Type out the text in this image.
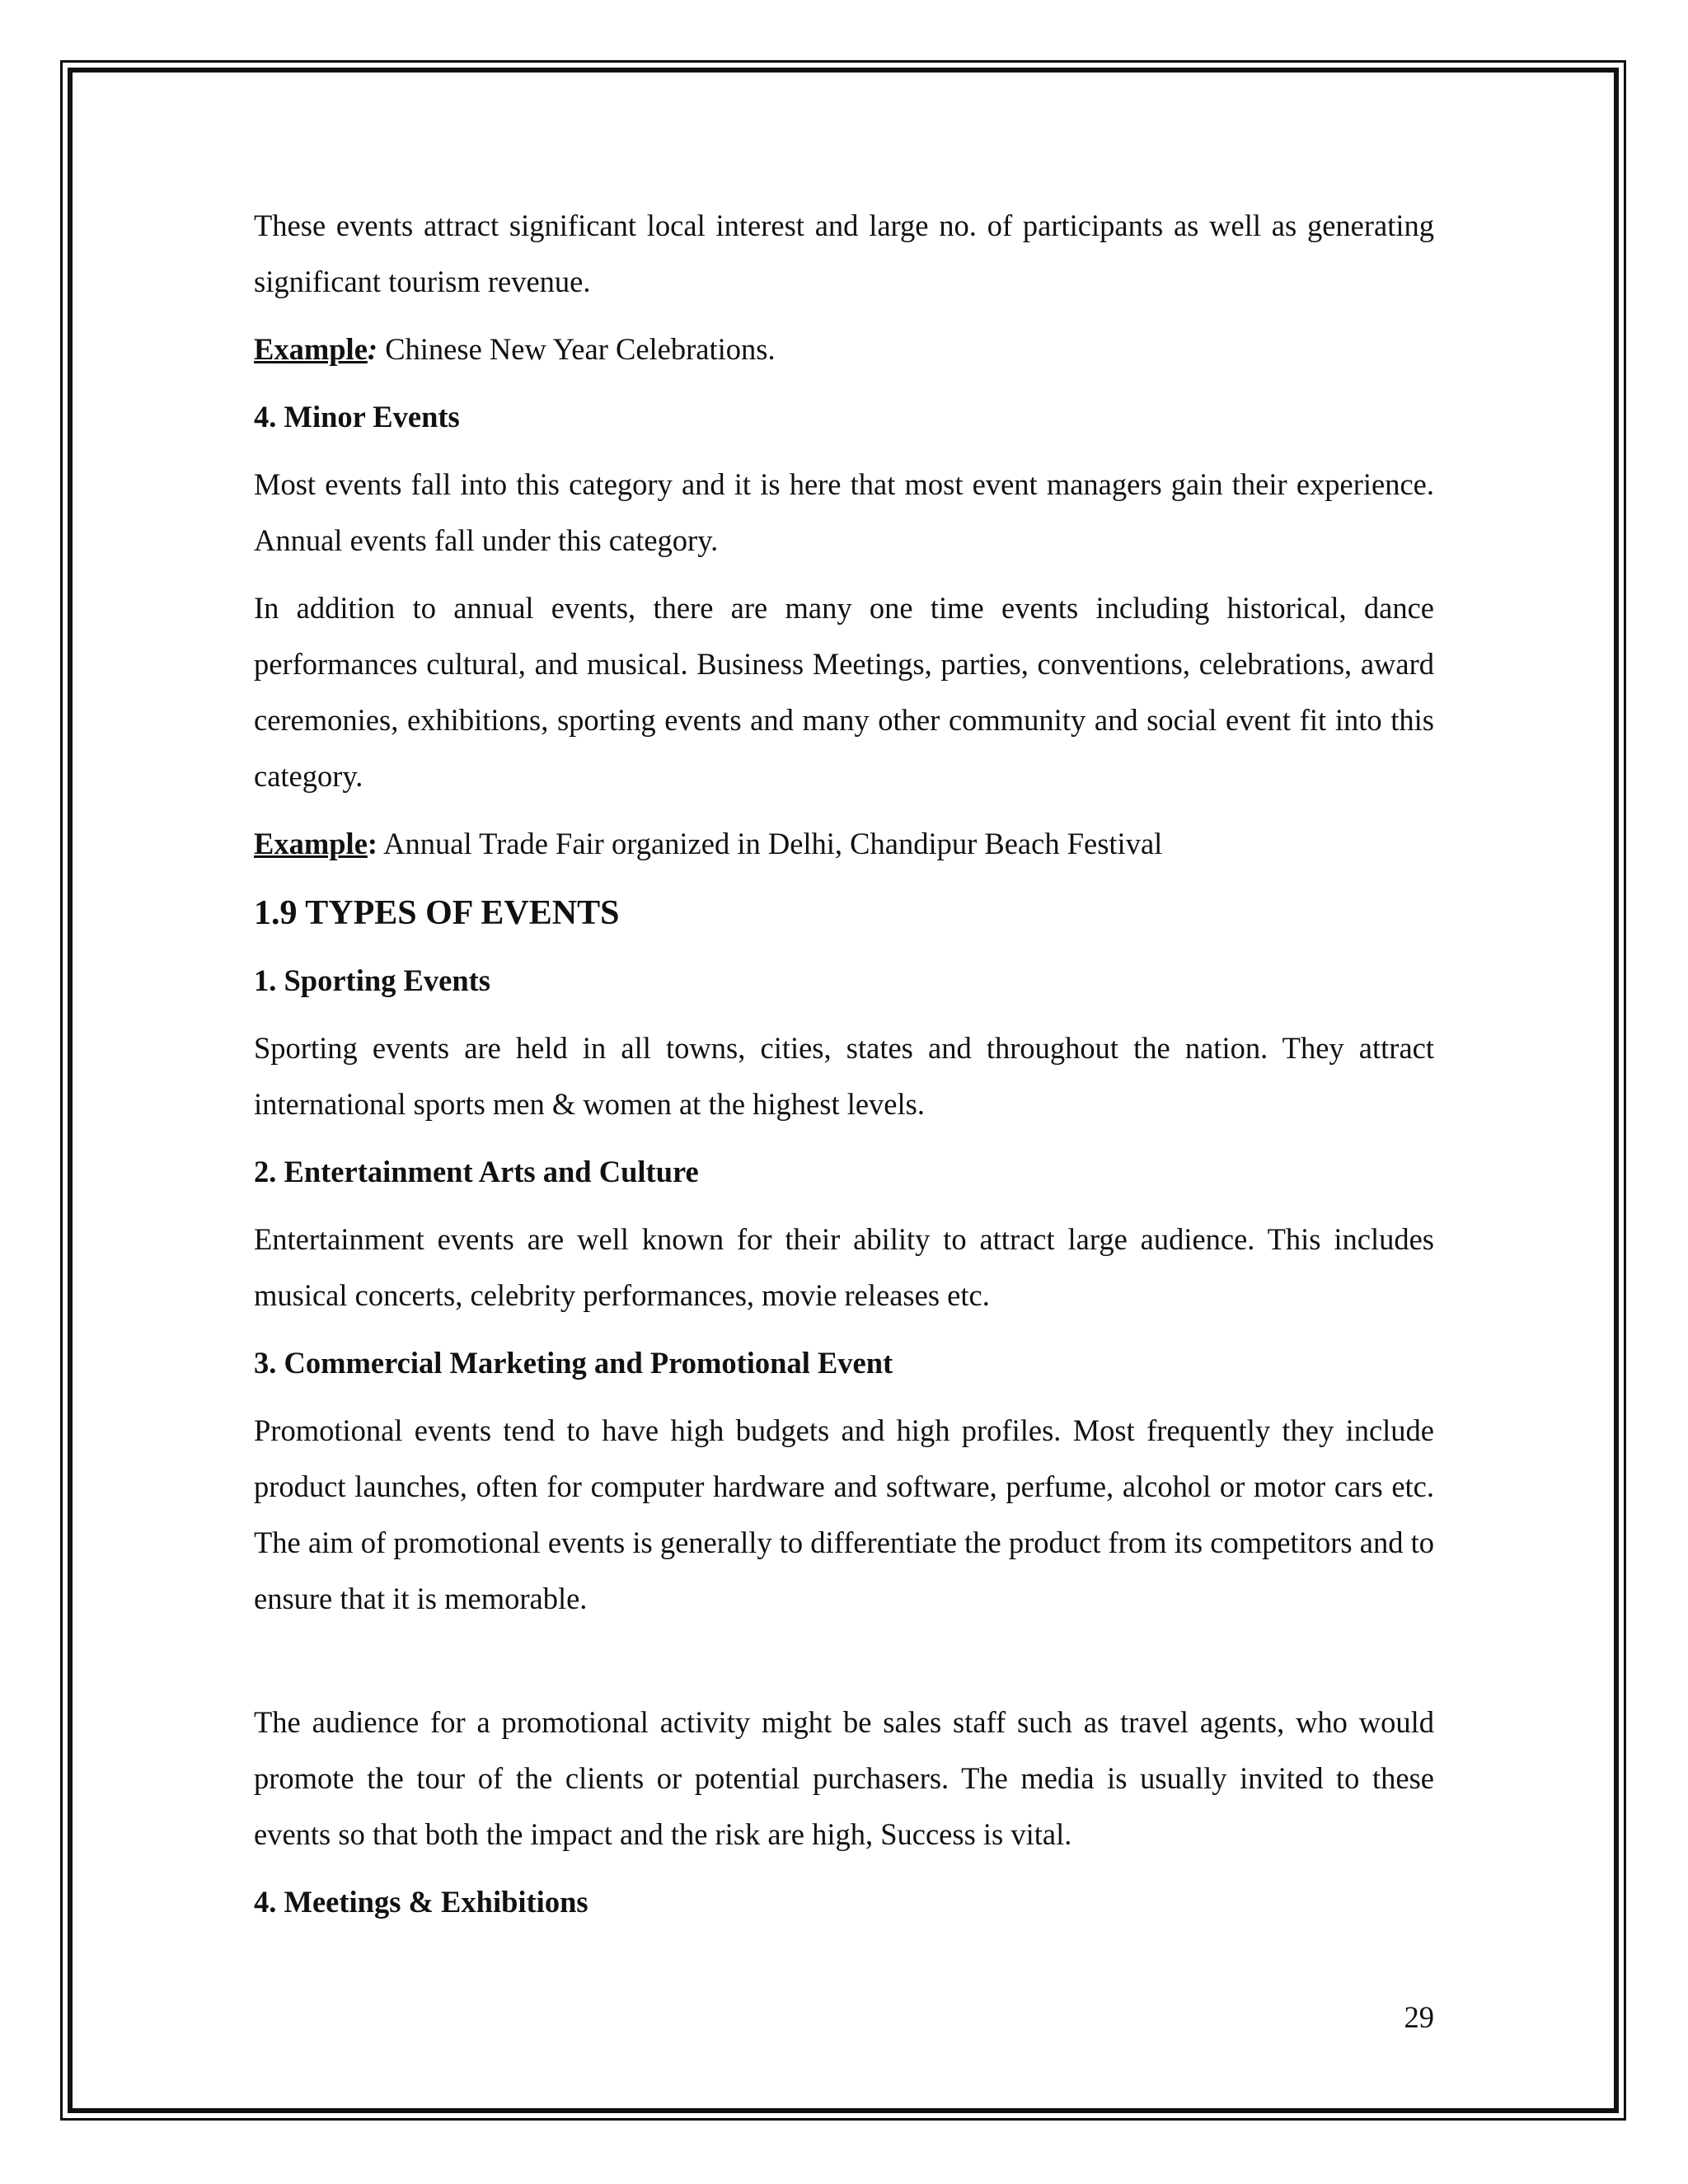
These events attract significant local interest and large no. of participants as well as generating significant tourism revenue.

Example: Chinese New Year Celebrations.

4. Minor Events

Most events fall into this category and it is here that most event managers gain their experience. Annual events fall under this category.

In addition to annual events, there are many one time events including historical, dance performances cultural, and musical. Business Meetings, parties, conventions, celebrations, award ceremonies, exhibitions, sporting events and many other community and social event fit into this category.

Example: Annual Trade Fair organized in Delhi, Chandipur Beach Festival

1.9 TYPES OF EVENTS

1. Sporting Events

Sporting events are held in all towns, cities, states and throughout the nation. They attract international sports men & women at the highest levels.

2. Entertainment Arts and Culture

Entertainment events are well known for their ability to attract large audience. This includes musical concerts, celebrity performances, movie releases etc.

3. Commercial Marketing and Promotional Event

Promotional events tend to have high budgets and high profiles. Most frequently they include product launches, often for computer hardware and software, perfume, alcohol or motor cars etc. The aim of promotional events is generally to differentiate the product from its competitors and to ensure that it is memorable.

The audience for a promotional activity might be sales staff such as travel agents, who would promote the tour of the clients or potential purchasers. The media is usually invited to these events so that both the impact and the risk are high, Success is vital.

4. Meetings & Exhibitions

29
